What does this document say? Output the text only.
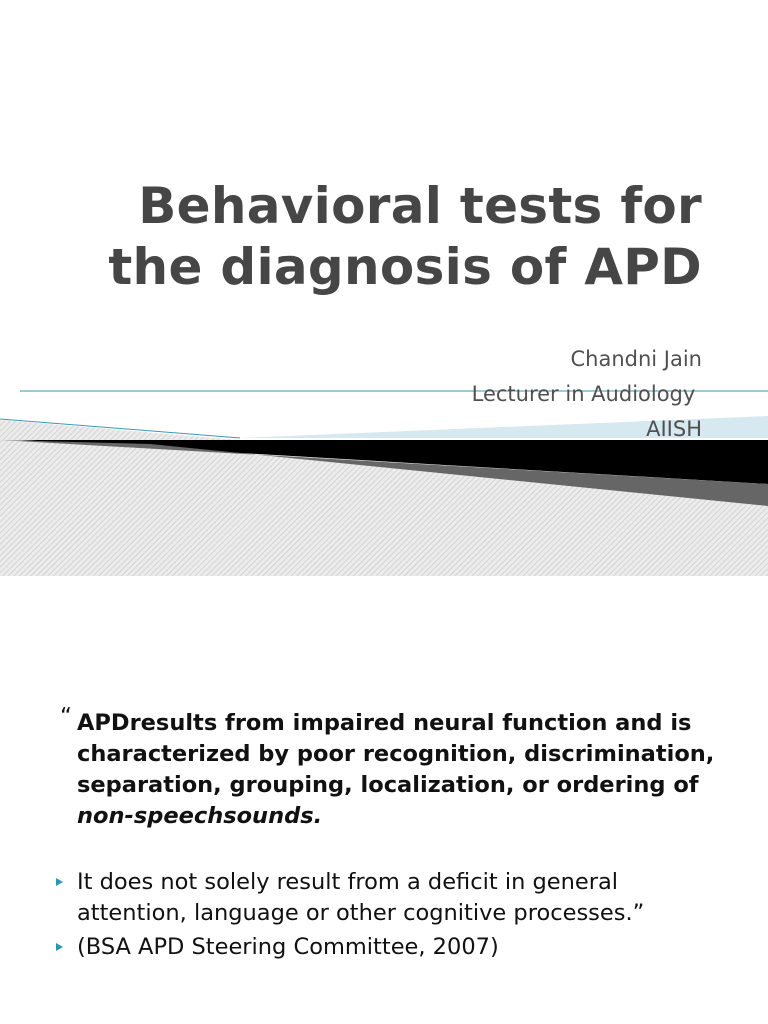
Behavioral tests for
the diagnosis of APD
Chandni Jain
Lecturer in Audiology
AIISH
“ APDresults from impaired neural function and is characterized by poor recognition, discrimination, separation, grouping, localization, or ordering of non-speechsounds.
It does not solely result from a deficit in general attention, language or other cognitive processes.”
(BSA APD Steering Committee, 2007)
